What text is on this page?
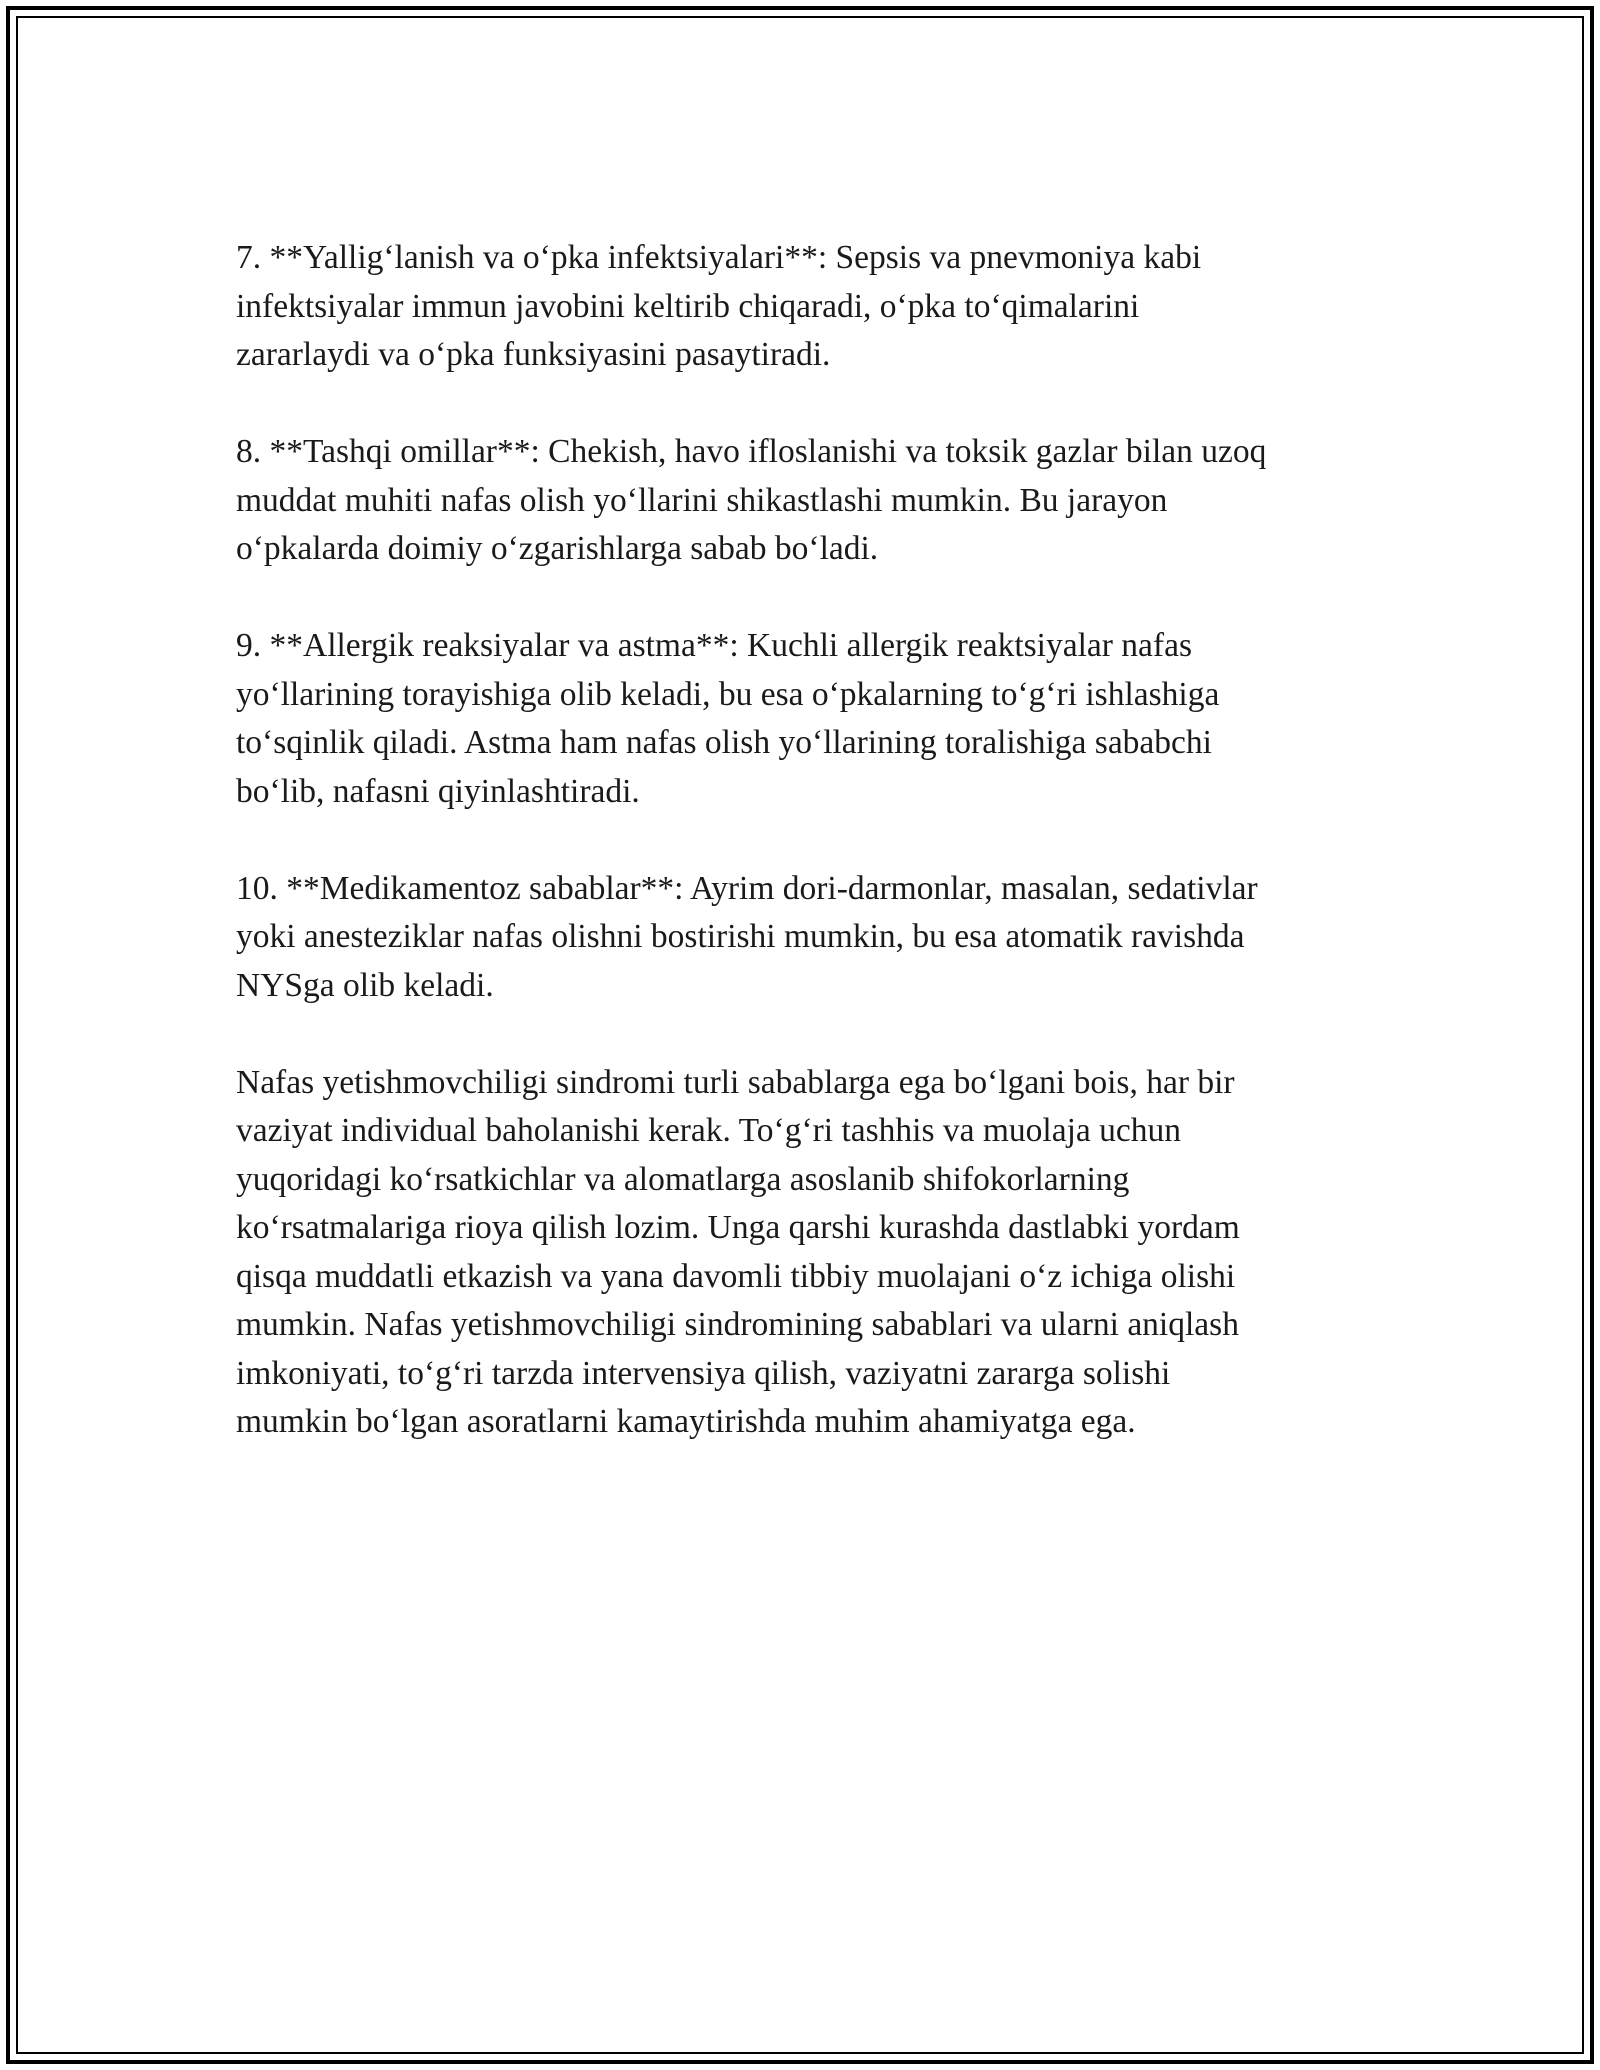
7. **Yallig‘lanish va o‘pka infektsiyalari**: Sepsis va pnevmoniya kabi
infektsiyalar immun javobini keltirib chiqaradi, o‘pka to‘qimalarini
zararlaydi va o‘pka funksiyasini pasaytiradi.

8. **Tashqi omillar**: Chekish, havo ifloslanishi va toksik gazlar bilan uzoq
muddat muhiti nafas olish yo‘llarini shikastlashi mumkin. Bu jarayon
o‘pkalarda doimiy o‘zgarishlarga sabab bo‘ladi.

9. **Allergik reaksiyalar va astma**: Kuchli allergik reaktsiyalar nafas
yo‘llarining torayishiga olib keladi, bu esa o‘pkalarning to‘g‘ri ishlashiga
to‘sqinlik qiladi. Astma ham nafas olish yo‘llarining toralishiga sababchi
bo‘lib, nafasni qiyinlashtiradi.

10. **Medikamentoz sabablar**: Ayrim dori-darmonlar, masalan, sedativlar
yoki anesteziklar nafas olishni bostirishi mumkin, bu esa atomatik ravishda
NYSga olib keladi.

Nafas yetishmovchiligi sindromi turli sabablarga ega bo‘lgani bois, har bir
vaziyat individual baholanishi kerak. To‘g‘ri tashhis va muolaja uchun
yuqoridagi ko‘rsatkichlar va alomatlarga asoslanib shifokorlarning
ko‘rsatmalariga rioya qilish lozim. Unga qarshi kurashda dastlabki yordam
qisqa muddatli etkazish va yana davomli tibbiy muolajani o‘z ichiga olishi
mumkin. Nafas yetishmovchiligi sindromining sabablari va ularni aniqlash
imkoniyati, to‘g‘ri tarzda intervensiya qilish, vaziyatni zararga solishi
mumkin bo‘lgan asoratlarni kamaytirishda muhim ahamiyatga ega.
